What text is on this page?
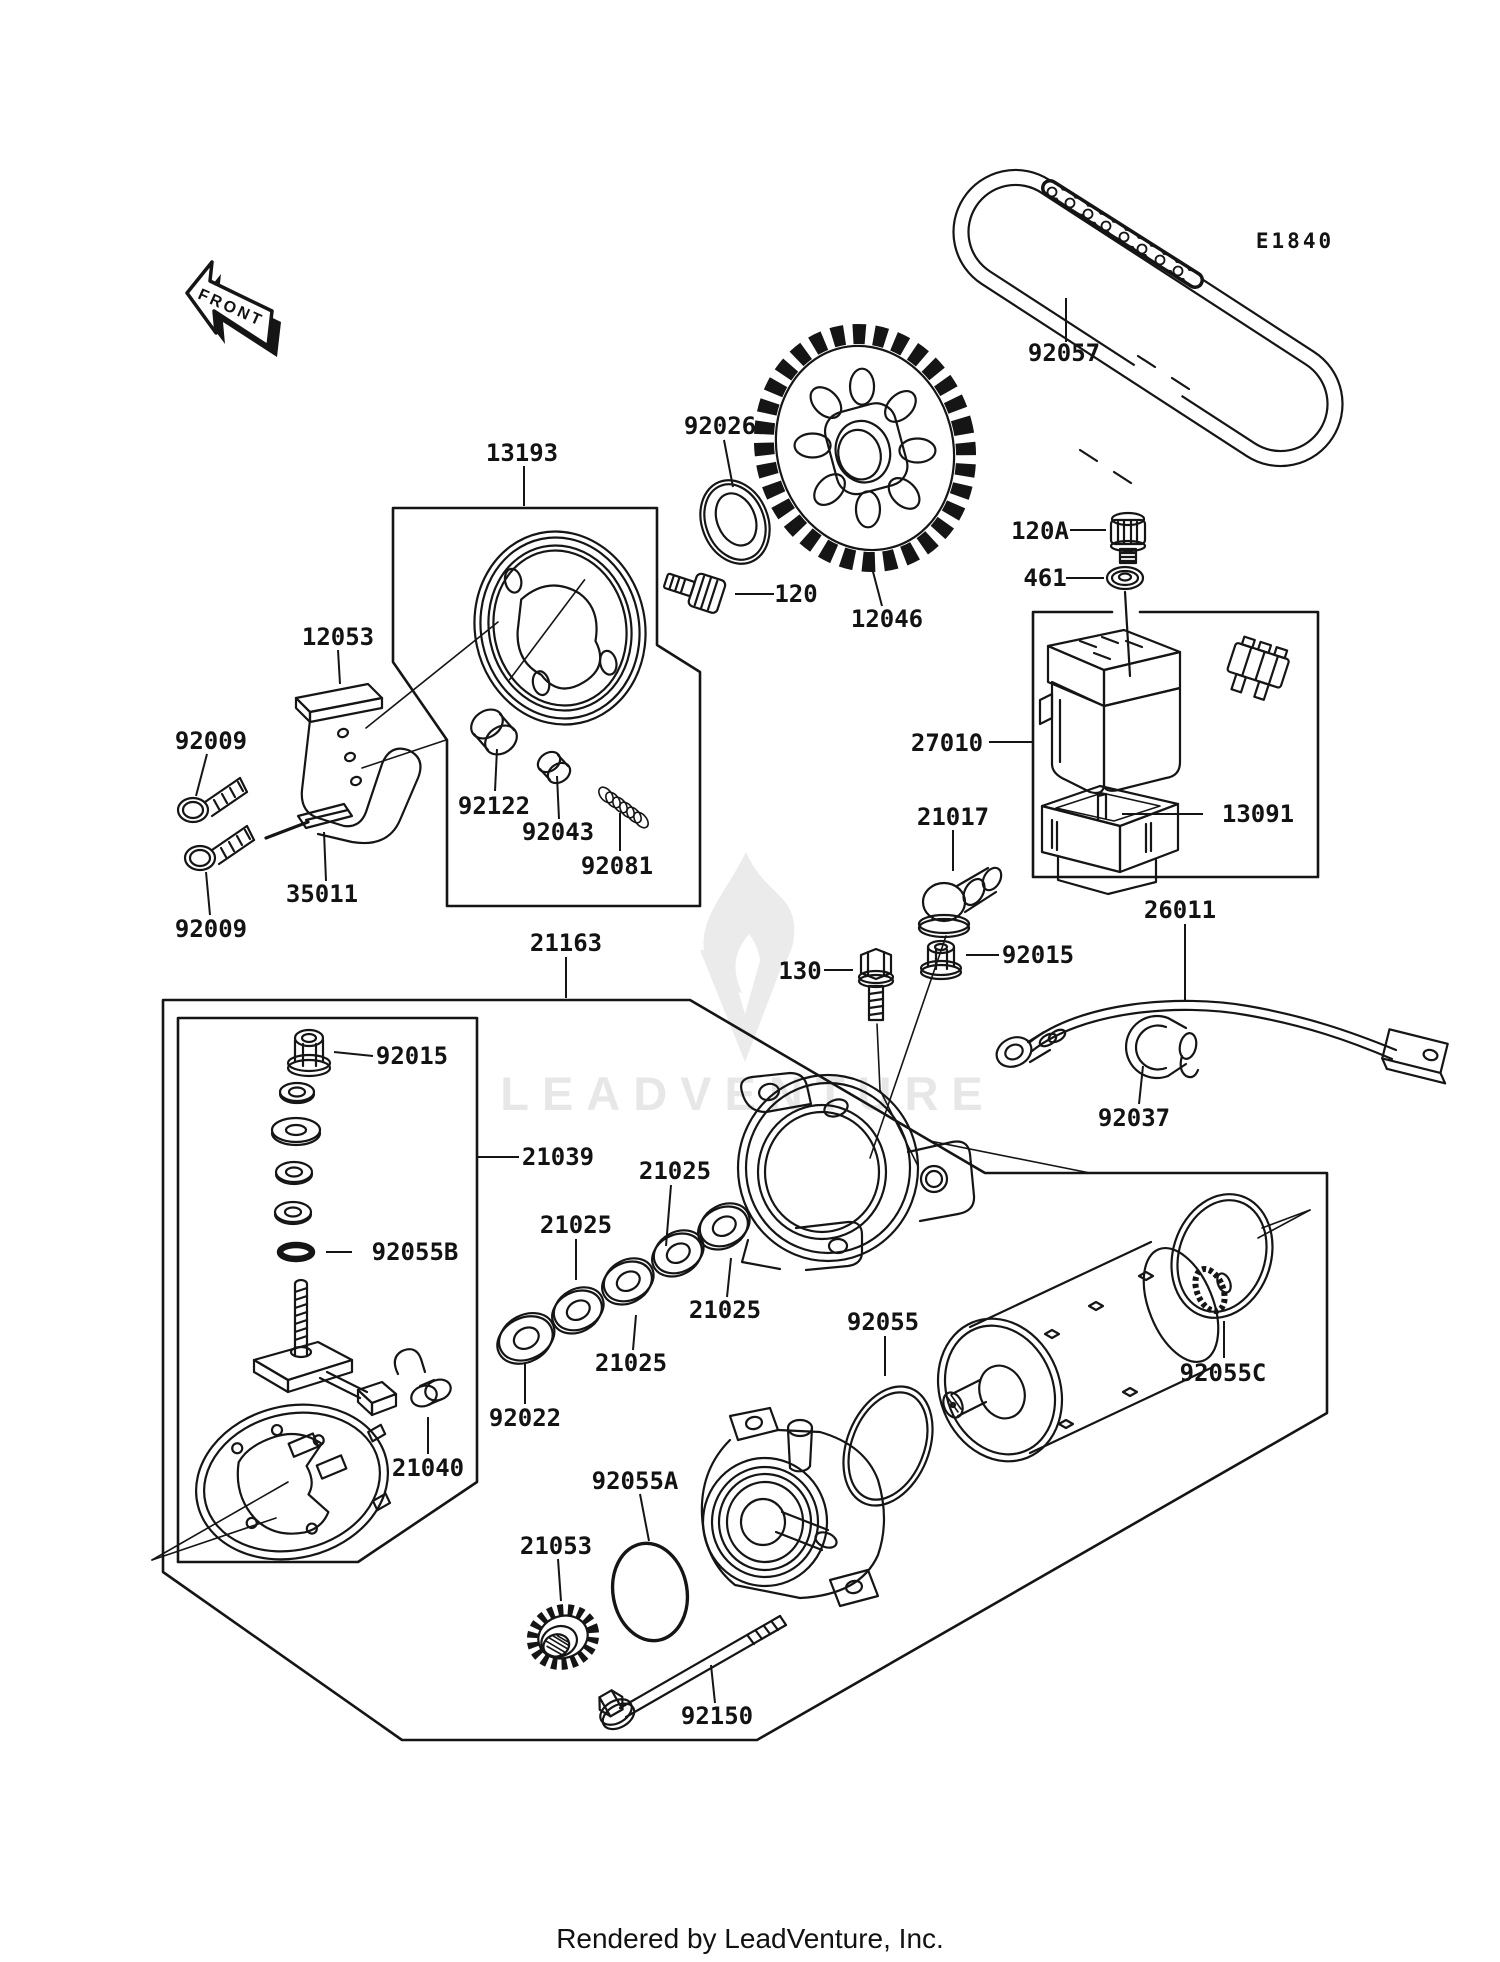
LEADVENTURE
FRONT
E1840
92057
13193
92026
120
12046
120A
461
27010
13091
21017
26011
130
92015
92037
21163
92015
92055B
21039 21025
21025
21025
21025
92022
21040
92055
92055C
92055A
21053
92150
12053
92009
92009
35011
92122
92043
92081
Rendered by LeadVenture, Inc.
